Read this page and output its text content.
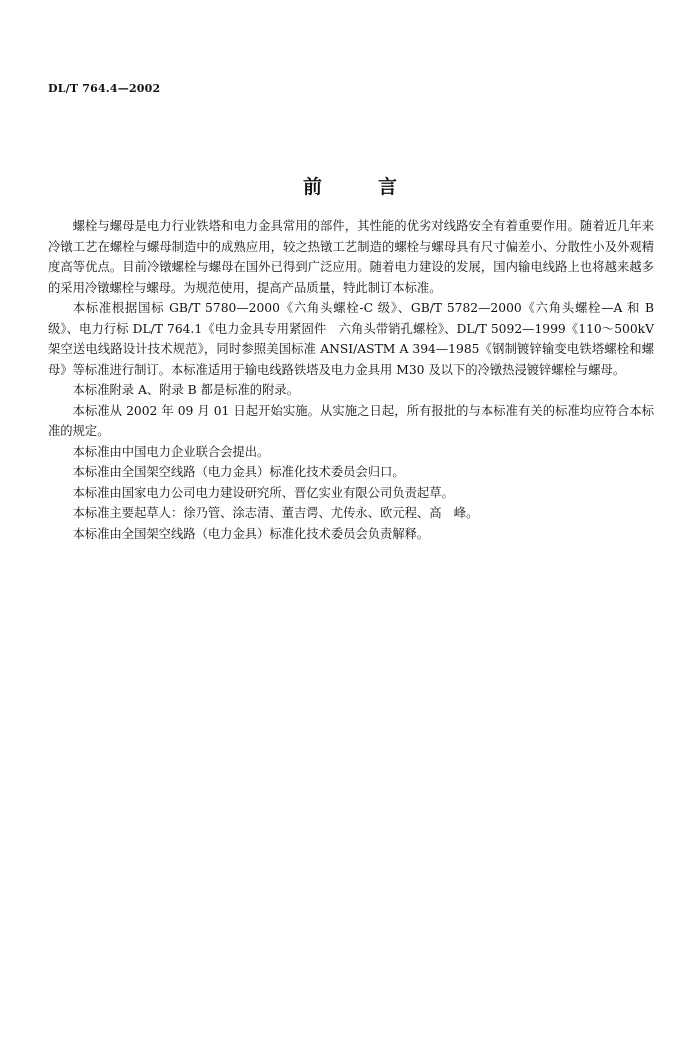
DL/T 764.4—2002
前言

螺栓与螺母是电力行业铁塔和电力金具常用的部件，其性能的优劣对线路安全有着重要作用。随着近几年来冷镦工艺在螺栓与螺母制造中的成熟应用，较之热镦工艺制造的螺栓与螺母具有尺寸偏差小、分散性小及外观精度高等优点。目前冷镦螺栓与螺母在国外已得到广泛应用。随着电力建设的发展，国内输电线路上也将越来越多的采用冷镦螺栓与螺母。为规范使用，提高产品质量，特此制订本标准。

本标准根据国标 GB/T 5780—2000《六角头螺栓-C 级》、GB/T 5782—2000《六角头螺栓—A 和 B 级》、电力行标 DL/T 764.1《电力金具专用紧固件　六角头带销孔螺栓》、DL/T 5092—1999《110～500kV 架空送电线路设计技术规范》，同时参照美国标准 ANSI/ASTM A 394—1985《钢制镀锌输变电铁塔螺栓和螺母》等标准进行制订。本标准适用于输电线路铁塔及电力金具用 M30 及以下的冷镦热浸镀锌螺栓与螺母。

本标准附录 A、附录 B 都是标准的附录。

本标准从 2002 年 09 月 01 日起开始实施。从实施之日起，所有报批的与本标准有关的标准均应符合本标准的规定。

本标准由中国电力企业联合会提出。

本标准由全国架空线路（电力金具）标准化技术委员会归口。

本标准由国家电力公司电力建设研究所、晋亿实业有限公司负责起草。

本标准主要起草人：徐乃管、涂志清、董吉谔、尤传永、欧元程、高　峰。

本标准由全国架空线路（电力金具）标准化技术委员会负责解释。
